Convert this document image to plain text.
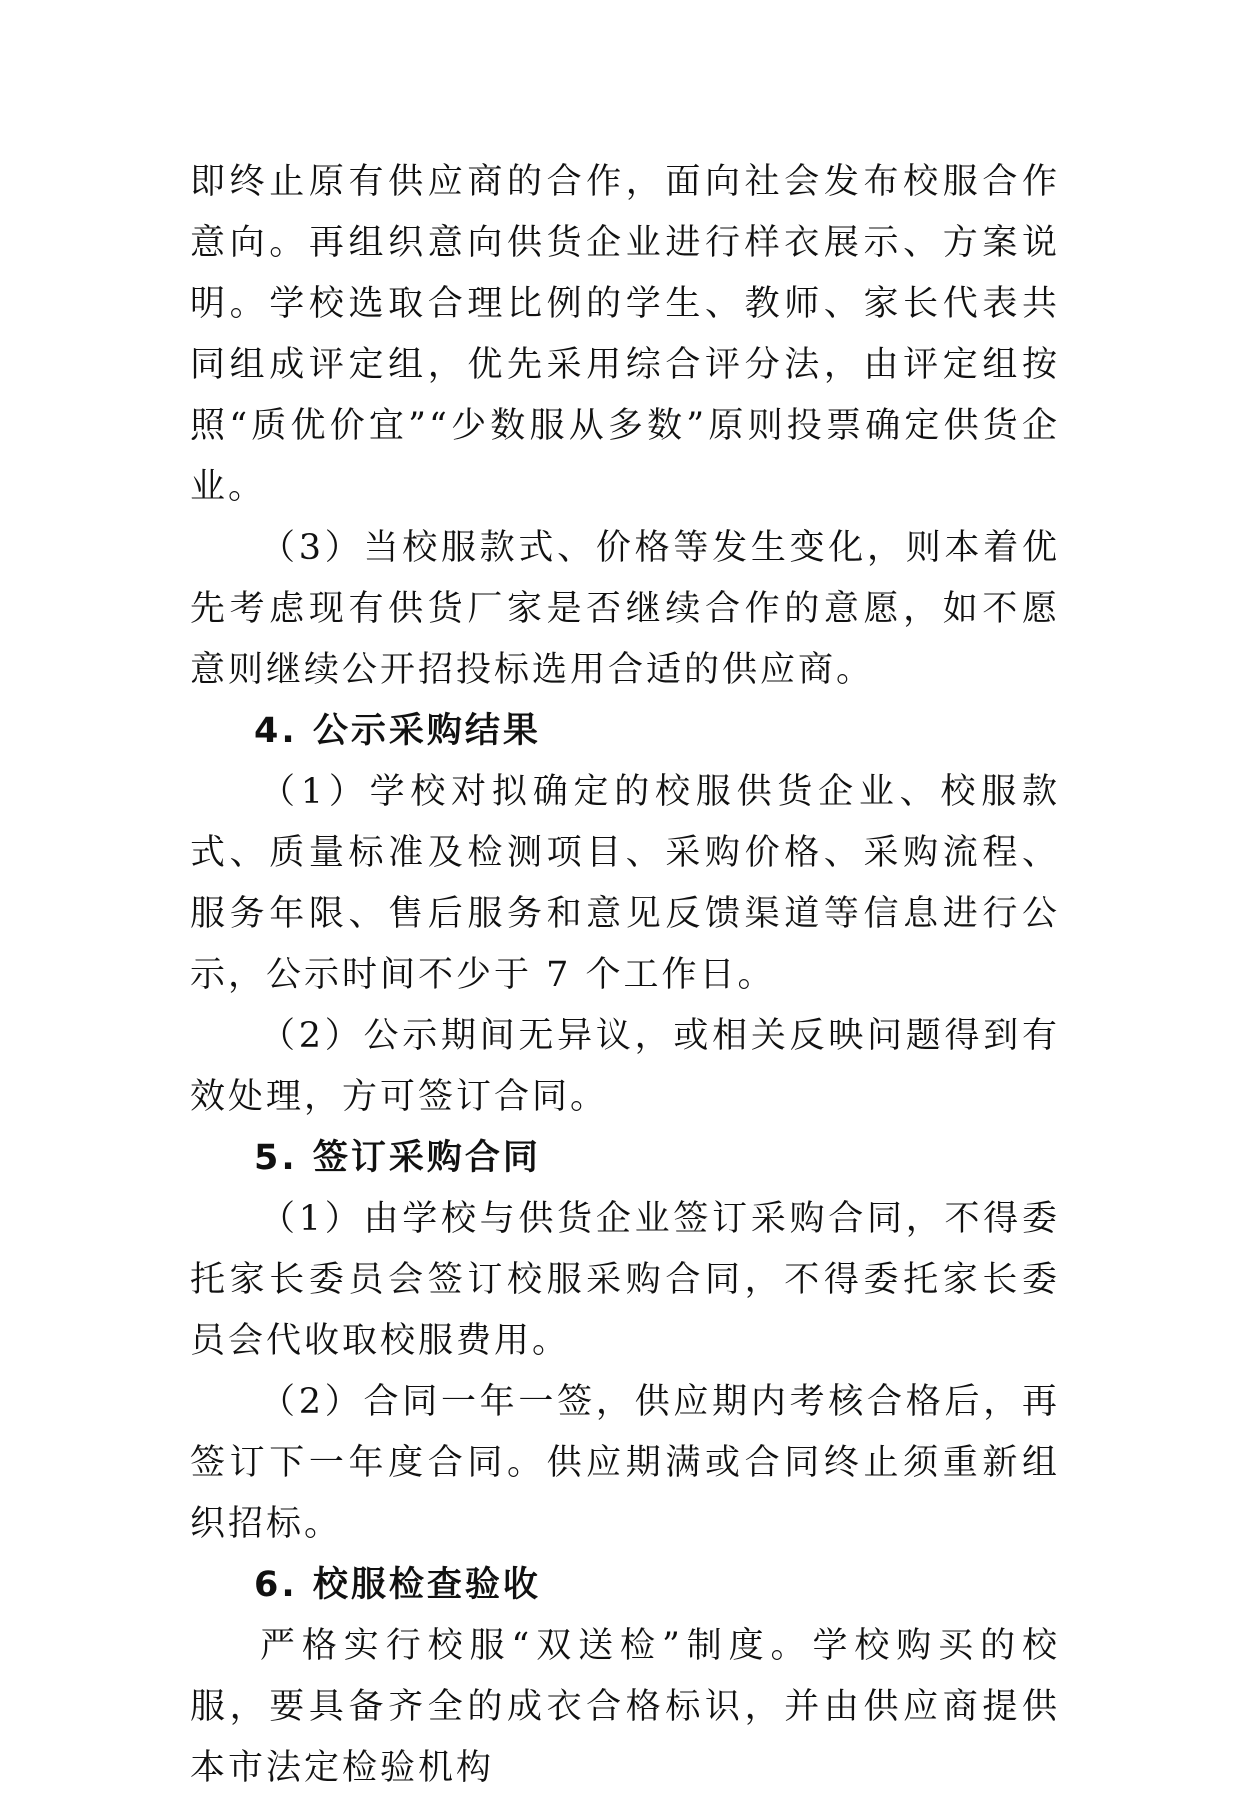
即终止原有供应商的合作，面向社会发布校服合作意向。再组织意向供货企业进行样衣展示、方案说明。学校选取合理比例的学生、教师、家长代表共同组成评定组，优先采用综合评分法，由评定组按照“质优价宜”“少数服从多数”原则投票确定供货企业。

（3）当校服款式、价格等发生变化，则本着优先考虑现有供货厂家是否继续合作的意愿，如不愿意则继续公开招投标选用合适的供应商。

4. 公示采购结果

（1）学校对拟确定的校服供货企业、校服款式、质量标准及检测项目、采购价格、采购流程、服务年限、售后服务和意见反馈渠道等信息进行公示，公示时间不少于 7 个工作日。

（2）公示期间无异议，或相关反映问题得到有效处理，方可签订合同。

5. 签订采购合同

（1）由学校与供货企业签订采购合同，不得委托家长委员会签订校服采购合同，不得委托家长委员会代收取校服费用。

（2）合同一年一签，供应期内考核合格后，再签订下一年度合同。供应期满或合同终止须重新组织招标。

6. 校服检查验收

严格实行校服“双送检”制度。学校购买的校服，要具备齐全的成衣合格标识，并由供应商提供本市法定检验机构
